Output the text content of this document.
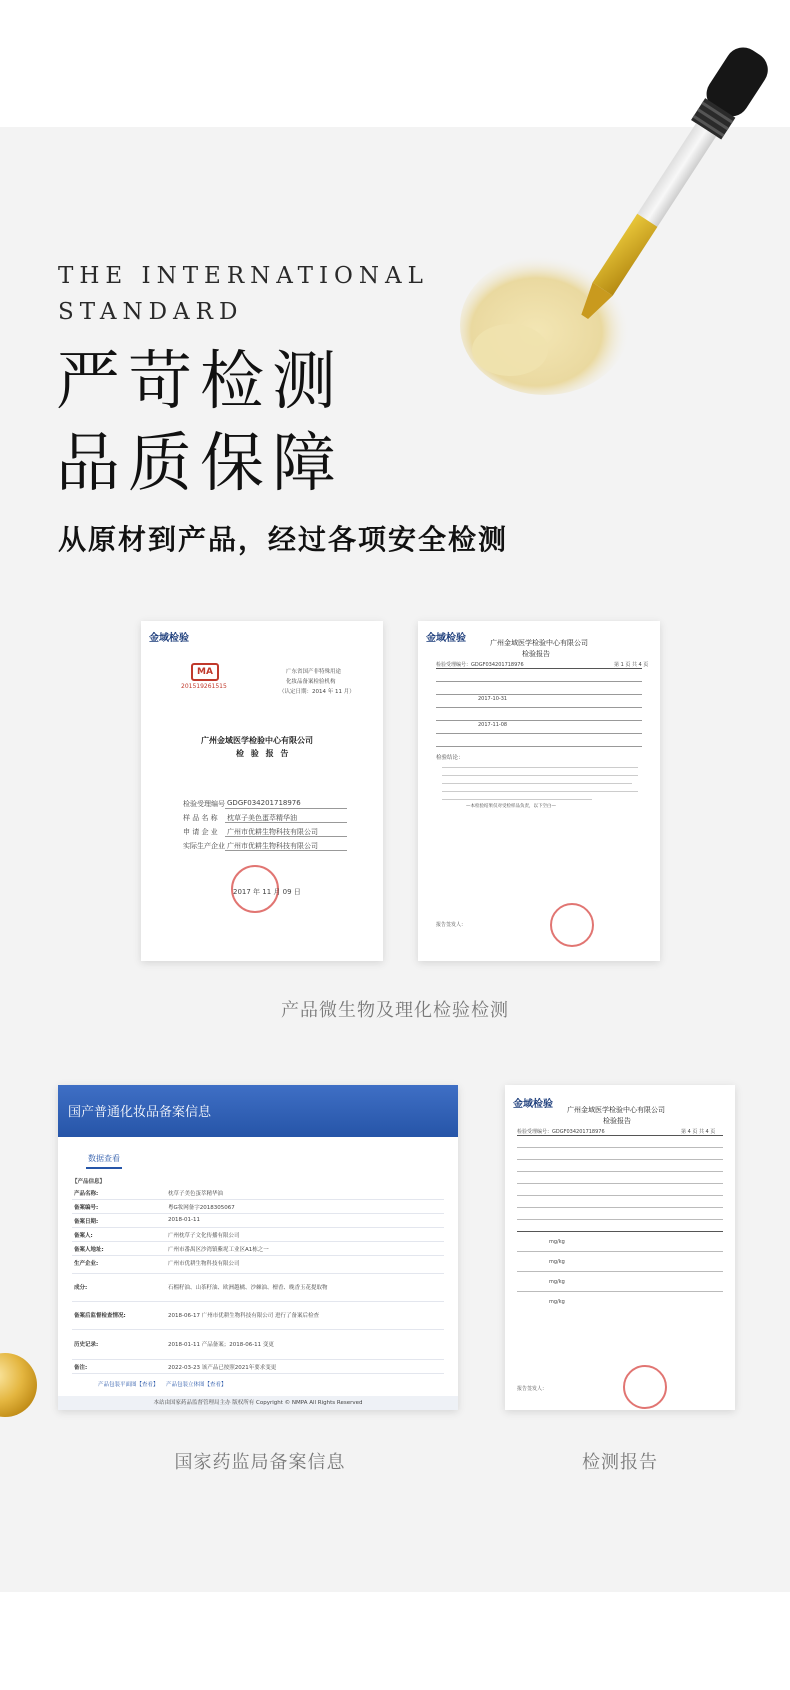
THE INTERNATIONAL
STANDARD
严苛检测
品质保障
从原材到产品，经过各项安全检测
金域检验
MA
201519261515
广东省国产非特殊用途
化妆品备案检验机构
（认定日期：2014 年 11 月）
广州金域医学检验中心有限公司
检 验 报 告
检验受理编号 GDGF034201718976
样 品 名 称 枕草子美色蛋萃精华油
申 请 企 业 广州市优耕生物科技有限公司
实际生产企业 广州市优耕生物科技有限公司
2017 年 11 月 09 日
金域检验	广州金域医学检验中心有限公司
检验报告
检验受理编号：GDGF034201718976	第 1 页 共 4 页
2017-10-31
2017-11-08
检验结论：
—本检验结果仅对受检样品负责，以下空白—
报告签发人：
产品微生物及理化检验检测
国产普通化妆品备案信息
数据查看
【产品信息】
产品名称:	枕草子美色蛋萃精华油
备案编号:	粤G妆网备字2018305067
备案日期:	2018-01-11
备案人:	广州枕草子文化传播有限公司
备案人地址:	广州市番禺区沙湾镇紫坭工业区A1栋之一
生产企业:	广州市优耕生物科技有限公司
成分:	石榴籽油、山茶籽油、欧洲越橘、沙棘油、檀香、晚香玉花提取物
备案后监督检查情况:	2018-06-17 广州市优耕生物科技有限公司 进行了备案后检查
历史记录:	2018-01-11 产品备案；2018-06-11 变更
备注:	2022-03-23 该产品已按照2021年要求变更
产品包装平面图【查看】 产品包装立体图【查看】
本站由国家药品监督管理局主办 版权所有 Copyright © NMPA All Rights Reserved
金域检验 广州金域医学检验中心有限公司
检验报告
检验受理编号：GDGF034201718976	第 4 页 共 4 页
mg/kg
mg/kg
mg/kg
mg/kg
报告签发人：
国家药监局备案信息	检测报告
